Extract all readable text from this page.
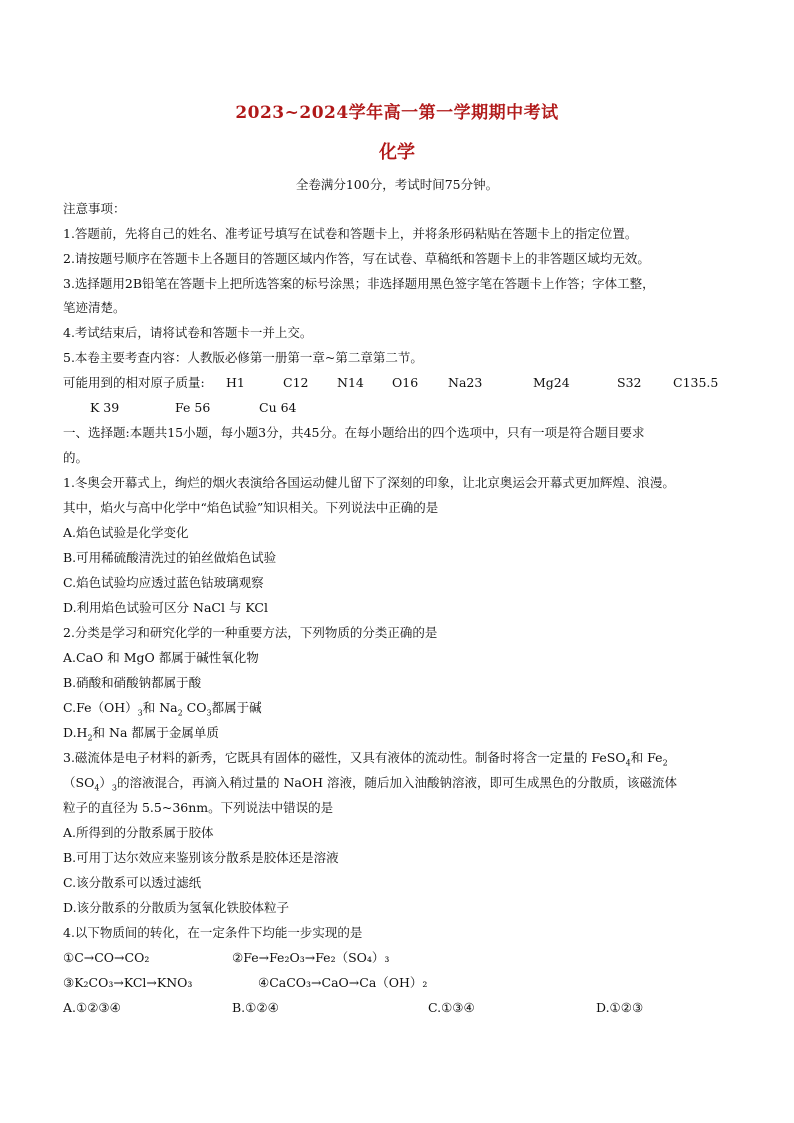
2023~2024学年高一第一学期期中考试
化学
全卷满分100分，考试时间75分钟。
注意事项：
1.答题前，先将自己的姓名、准考证号填写在试卷和答题卡上，并将条形码粘贴在答题卡上的指定位置。
2.请按题号顺序在答题卡上各题目的答题区域内作答，写在试卷、草稿纸和答题卡上的非答题区域均无效。
3.选择题用2B铅笔在答题卡上把所选答案的标号涂黑；非选择题用黑色签字笔在答题卡上作答；字体工整，
笔迹清楚。
4.考试结束后，请将试卷和答题卡一并上交。
5.本卷主要考查内容：人教版必修第一册第一章~第二章第二节。
可能用到的相对原子质量:	H1	C12 N14 O16 Na23	Mg24	S32	C135.5
K 39	Fe 56	Cu 64
一、选择题:本题共15小题，每小题3分，共45分。在每小题给出的四个选项中，只有一项是符合题目要求
的。
1.冬奥会开幕式上，绚烂的烟火表演给各国运动健儿留下了深刻的印象，让北京奥运会开幕式更加辉煌、浪漫。
其中，焰火与高中化学中“焰色试验”知识相关。下列说法中正确的是
A.焰色试验是化学变化
B.可用稀硫酸清洗过的铂丝做焰色试验
C.焰色试验均应透过蓝色钴玻璃观察
D.利用焰色试验可区分 NaCl 与 KCl
2.分类是学习和研究化学的一种重要方法，下列物质的分类正确的是
A.CaO 和 MgO 都属于碱性氧化物
B.硝酸和硝酸钠都属于酸
$C.Fe(OH)_3$和 $Na_2$ $CO_3$都属于碱
$D.H_2$和 Na 都属于金属单质
3.磁流体是电子材料的新秀，它既具有固体的磁性，又具有液体的流动性。制备时将含一定量的 FeSO$_4$和 $Fe_2$
$(SO_4)_3$的溶液混合，再滴入稍过量的 NaOH 溶液，随后加入油酸钠溶液，即可生成黑色的分散质，该磁流体
粒子的直径为 5.5~36nm。下列说法中错误的是
A.所得到的分散系属于胶体
B.可用丁达尔效应来鉴别该分散系是胶体还是溶液
C.该分散系可以透过滤纸
D.该分散系的分散质为氢氧化铁胶体粒子
4.以下物质间的转化，在一定条件下均能一步实现的是
①C→CO→CO₂	②Fe→Fe₂O₃→Fe₂（SO₄）₃
③K₂CO₃→KCl→KNO₃	④CaCO₃→CaO→Ca（OH）₂
A.①②③④	B.①②④	C.①③④	D.①②③
